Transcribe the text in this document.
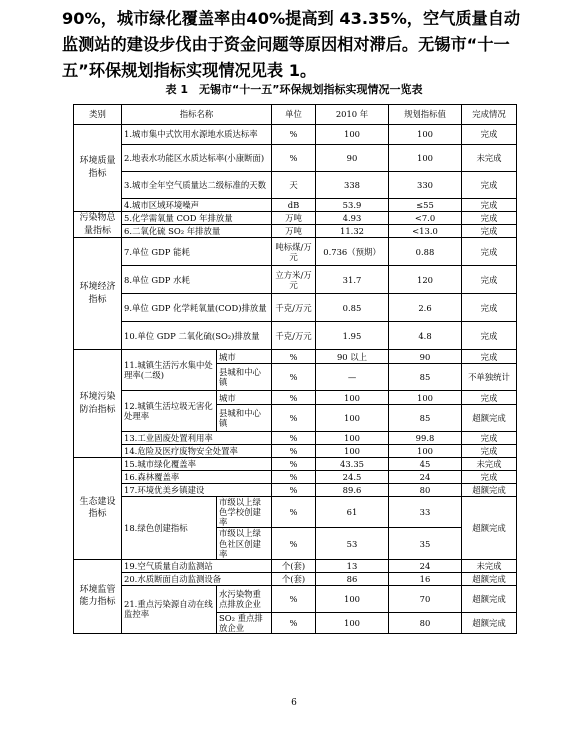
90%，城市绿化覆盖率由40%提高到 43.35%，空气质量自动监测站的建设步伐由于资金问题等原因相对滞后。无锡市“十一五”环保规划指标实现情况见表 1。

表 1　无锡市“十一五”环保规划指标实现情况一览表
类别	指标名称		单位	2010 年	规划指标值	完成情况
环境质量指标	1.城市集中式饮用水源地水质达标率		%	100	100	完成
	2.地表水功能区水质达标率(小康断面)		%	90	100	未完成
	3.城市全年空气质量达二级标准的天数		天	338	330	完成
	4.城市区域环境噪声		dB	53.9	≤55	完成
污染物总量指标	5.化学需氧量 COD 年排放量		万吨	4.93	<7.0	完成
	6.二氧化硫 SO₂ 年排放量		万吨	11.32	<13.0	完成
环境经济指标	7.单位 GDP 能耗		吨标煤/万元	0.736（预期）	0.88	完成
	8.单位 GDP 水耗		立方米/万元	31.7	120	完成
	9.单位 GDP 化学耗氧量(COD)排放量		千克/万元	0.85	2.6	完成
	10.单位 GDP 二氧化硫(SO₂)排放量		千克/万元	1.95	4.8	完成
环境污染防治指标	11.城镇生活污水集中处理率(二级)	城市	%	90 以上	90	完成
		县城和中心镇	%	—	85	不单独统计
	12.城镇生活垃圾无害化处理率	城市	%	100	100	完成
		县城和中心镇	%	100	85	超额完成
	13.工业固废处置利用率		%	100	99.8	完成
	14.危险及医疗废物安全处置率		%	100	100	完成
生态建设指标	15.城市绿化覆盖率		%	43.35	45	未完成
	16.森林覆盖率		%	24.5	24	完成
	17.环境优美乡镇建设		%	89.6	80	超额完成
	18.绿色创建指标	市级以上绿色学校创建率	%	61	33	超额完成
		市级以上绿色社区创建率	%	53	35	
环境监管能力指标	19.空气质量自动监测站		个(套)	13	24	未完成
	20.水质断面自动监测设备		个(套)	86	16	超额完成
	21.重点污染源自动在线监控率	水污染物重点排放企业	%	100	70	超额完成
		SO₂ 重点排放企业	%	100	80	超额完成
6
